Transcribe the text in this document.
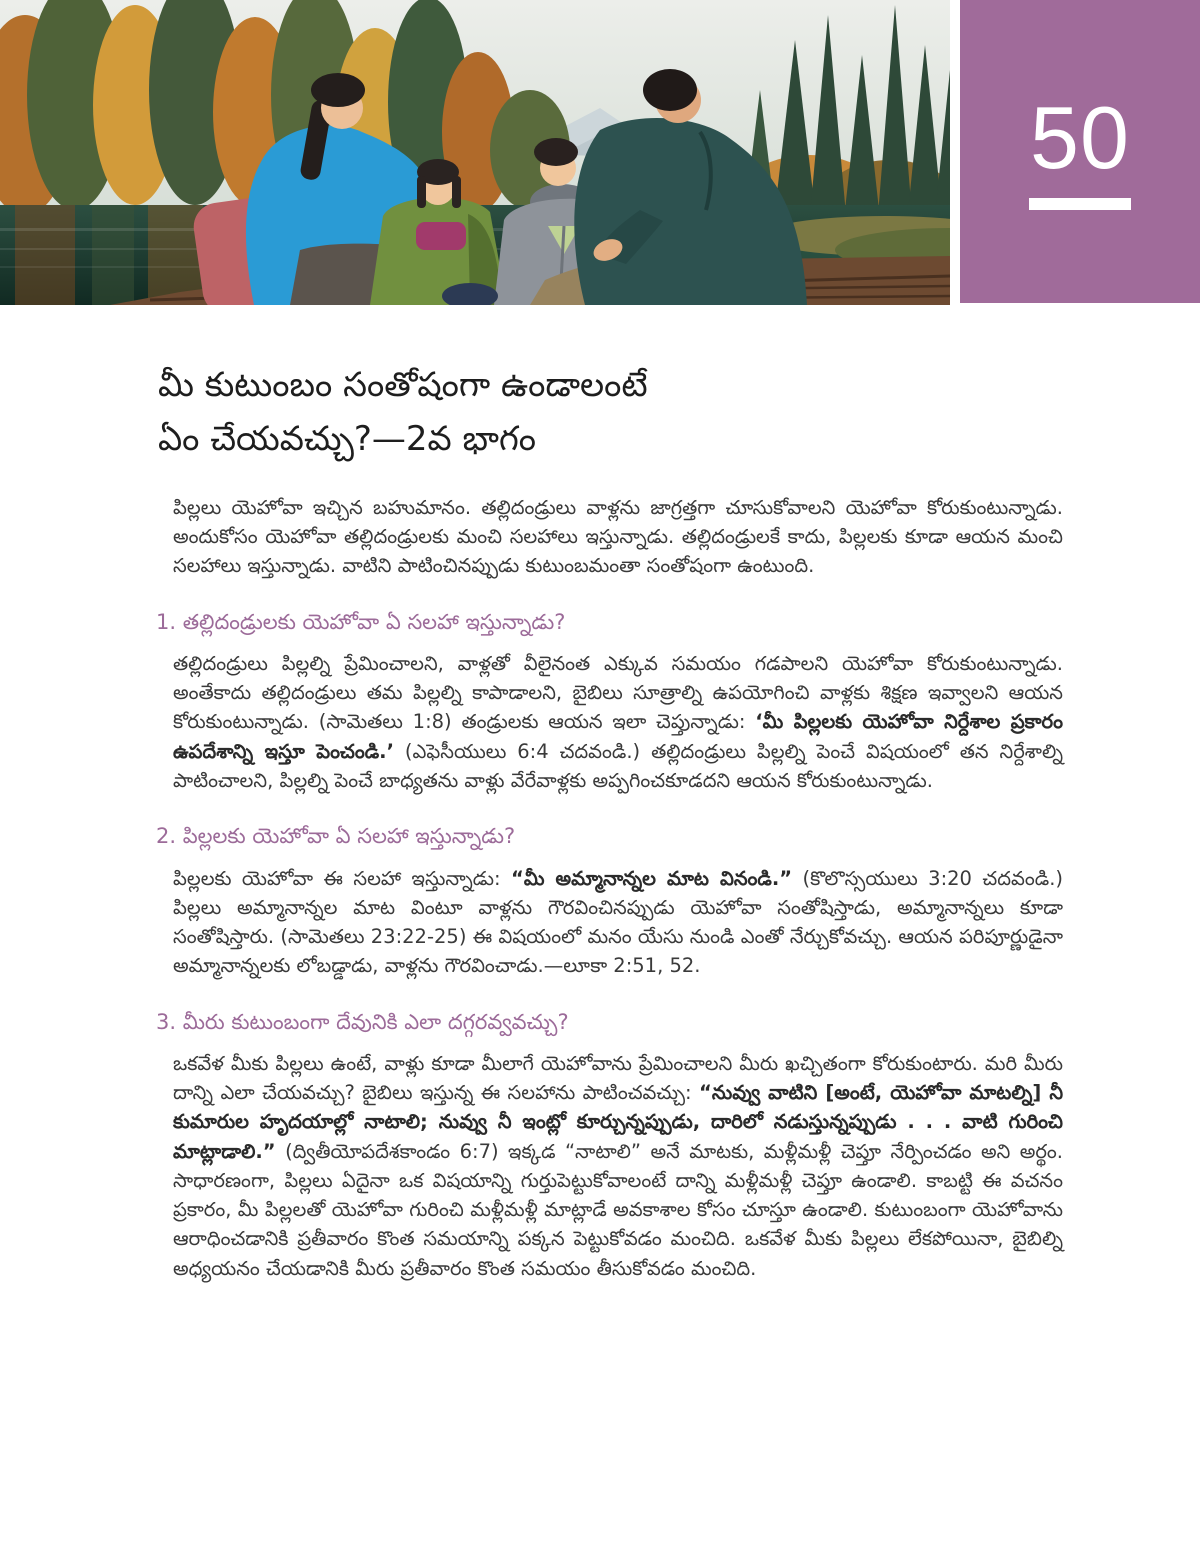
50
మీ కుటుంబం సంతోషంగా ఉండాలంటే
ఏం చేయవచ్చు?—2వ భాగం

పిల్లలు యెహోవా ఇచ్చిన బహుమానం. తల్లిదండ్రులు వాళ్లను జాగ్రత్తగా చూసుకోవాలని యెహోవా కోరుకుంటున్నాడు. అందుకోసం యెహోవా తల్లిదండ్రులకు మంచి సలహాలు ఇస్తున్నాడు. తల్లిదండ్రులకే కాదు, పిల్లలకు కూడా ఆయన మంచి సలహాలు ఇస్తున్నాడు. వాటిని పాటించినప్పుడు కుటుంబమంతా సంతోషంగా ఉంటుంది.

1. తల్లిదండ్రులకు యెహోవా ఏ సలహా ఇస్తున్నాడు?

తల్లిదండ్రులు పిల్లల్ని ప్రేమించాలని, వాళ్లతో వీలైనంత ఎక్కువ సమయం గడపాలని యెహోవా కోరుకుంటున్నాడు. అంతేకాదు తల్లిదండ్రులు తమ పిల్లల్ని కాపాడాలని, బైబిలు సూత్రాల్ని ఉపయోగించి వాళ్లకు శిక్షణ ఇవ్వాలని ఆయన కోరుకుంటున్నాడు. (సామెతలు 1:8) తండ్రులకు ఆయన ఇలా చెప్తున్నాడు: ‘మీ పిల్లలకు యెహోవా నిర్దేశాల ప్రకారం ఉపదేశాన్ని ఇస్తూ పెంచండి.’ (ఎఫెసీయులు 6:4 చదవండి.) తల్లిదండ్రులు పిల్లల్ని పెంచే విషయంలో తన నిర్దేశాల్ని పాటించాలని, పిల్లల్ని పెంచే బాధ్యతను వాళ్లు వేరేవాళ్లకు అప్పగించకూడదని ఆయన కోరుకుంటున్నాడు.

2. పిల్లలకు యెహోవా ఏ సలహా ఇస్తున్నాడు?

పిల్లలకు యెహోవా ఈ సలహా ఇస్తున్నాడు: “మీ అమ్మానాన్నల మాట వినండి.” (కొలొస్సయులు 3:20 చదవండి.) పిల్లలు అమ్మానాన్నల మాట వింటూ వాళ్లను గౌరవించినప్పుడు యెహోవా సంతోషిస్తాడు, అమ్మానాన్నలు కూడా సంతోషిస్తారు. (సామెతలు 23:22-25) ఈ విషయంలో మనం యేసు నుండి ఎంతో నేర్చుకోవచ్చు. ఆయన పరిపూర్ణుడైనా అమ్మానాన్నలకు లోబడ్డాడు, వాళ్లను గౌరవించాడు.—లూకా 2:51, 52.

3. మీరు కుటుంబంగా దేవునికి ఎలా దగ్గరవ్వవచ్చు?

ఒకవేళ మీకు పిల్లలు ఉంటే, వాళ్లు కూడా మీలాగే యెహోవాను ప్రేమించాలని మీరు ఖచ్చితంగా కోరుకుంటారు. మరి మీరు దాన్ని ఎలా చేయవచ్చు? బైబిలు ఇస్తున్న ఈ సలహాను పాటించవచ్చు: “నువ్వు వాటిని [అంటే, యెహోవా మాటల్ని] నీ కుమారుల హృదయాల్లో నాటాలి; నువ్వు నీ ఇంట్లో కూర్చున్నప్పుడు, దారిలో నడుస్తున్నప్పుడు . . . వాటి గురించి మాట్లాడాలి.” (ద్వితీయోపదేశకాండం 6:7) ఇక్కడ “నాటాలి” అనే మాటకు, మళ్లీమళ్లీ చెప్తూ నేర్పించడం అని అర్థం. సాధారణంగా, పిల్లలు ఏదైనా ఒక విషయాన్ని గుర్తుపెట్టుకోవాలంటే దాన్ని మళ్లీమళ్లీ చెప్తూ ఉండాలి. కాబట్టి ఈ వచనం ప్రకారం, మీ పిల్లలతో యెహోవా గురించి మళ్లీమళ్లీ మాట్లాడే అవకాశాల కోసం చూస్తూ ఉండాలి. కుటుంబంగా యెహోవాను ఆరాధించడానికి ప్రతీవారం కొంత సమయాన్ని పక్కన పెట్టుకోవడం మంచిది. ఒకవేళ మీకు పిల్లలు లేకపోయినా, బైబిల్ని అధ్యయనం చేయడానికి మీరు ప్రతీవారం కొంత సమయం తీసుకోవడం మంచిది.
